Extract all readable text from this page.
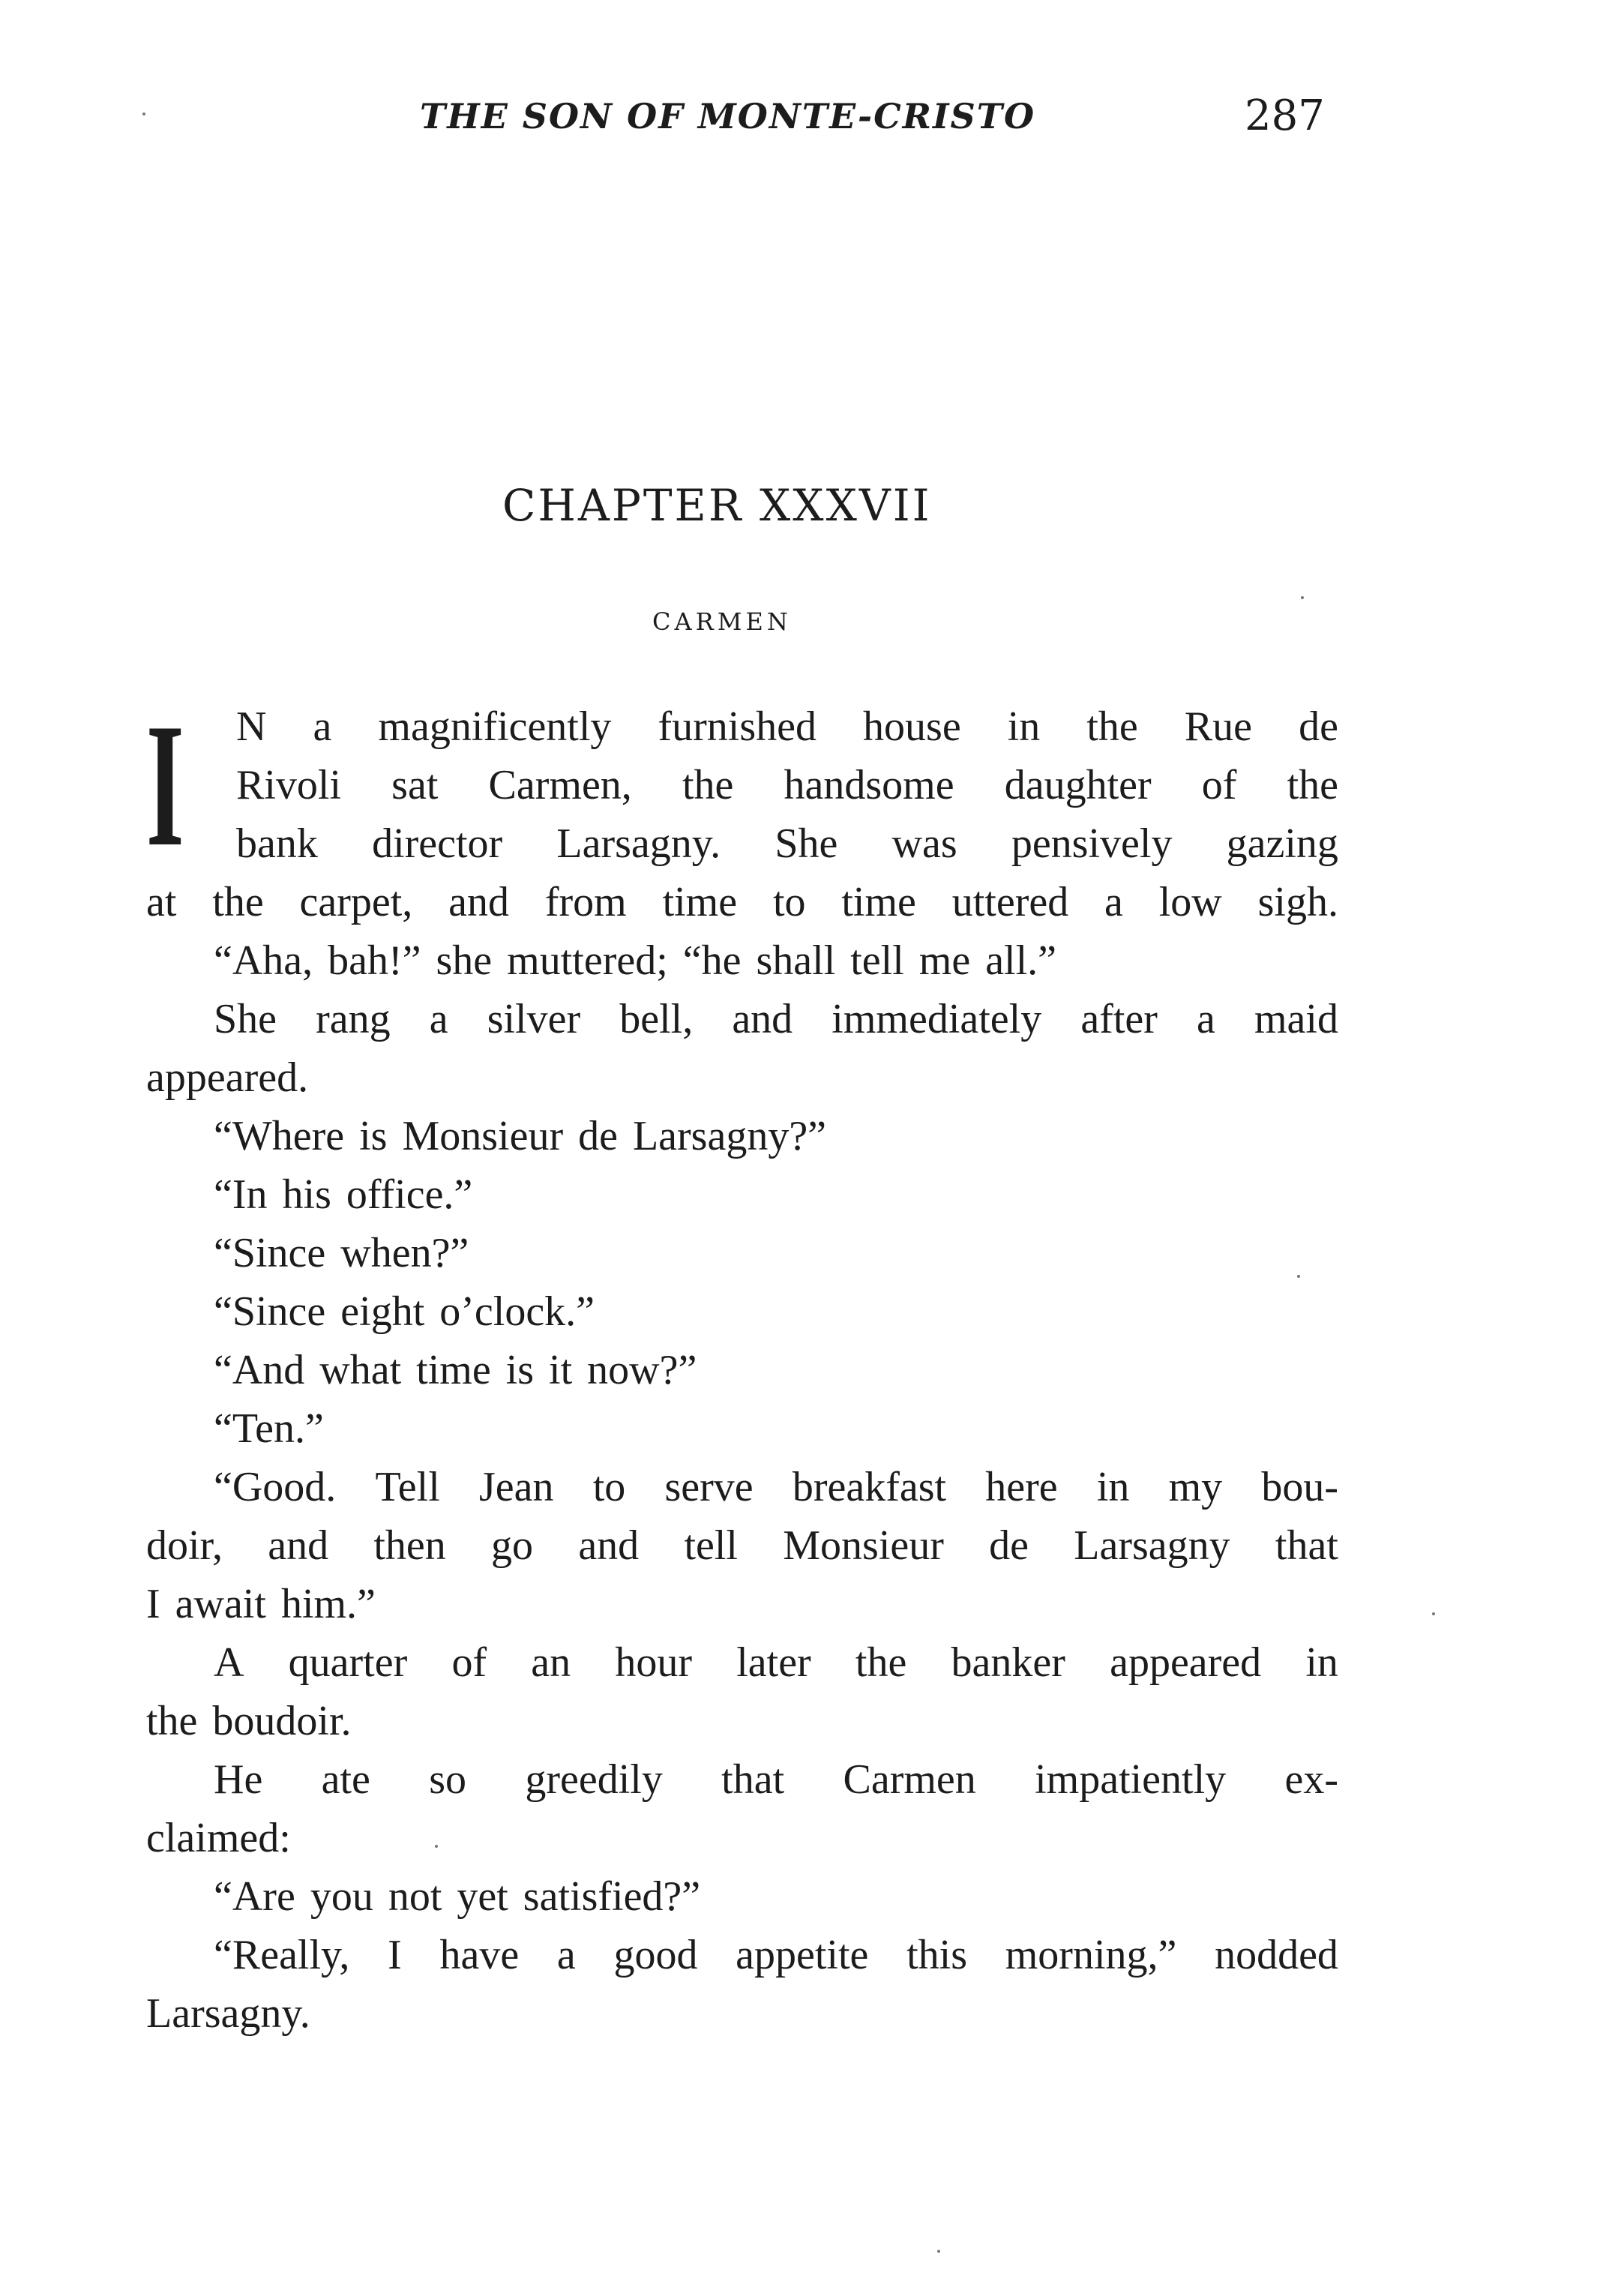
THE SON OF MONTE-CRISTO	287
CHAPTER XXXVII
CARMEN
I N a magnificently furnished house in the Rue de
Rivoli sat Carmen, the handsome daughter of the
bank director Larsagny. She was pensively gazing
at the carpet, and from time to time uttered a low sigh.
“Aha, bah!” she muttered; “he shall tell me all.”
She rang a silver bell, and immediately after a maid
appeared.
“Where is Monsieur de Larsagny?”
“In his office.”
“Since when?”
“Since eight o’clock.”
“And what time is it now?”
“Ten.”
“Good. Tell Jean to serve breakfast here in my bou-
doir, and then go and tell Monsieur de Larsagny that
I await him.”
A quarter of an hour later the banker appeared in
the boudoir.
He ate so greedily that Carmen impatiently ex-
claimed:
“Are you not yet satisfied?”
“Really, I have a good appetite this morning,” nodded
Larsagny.
